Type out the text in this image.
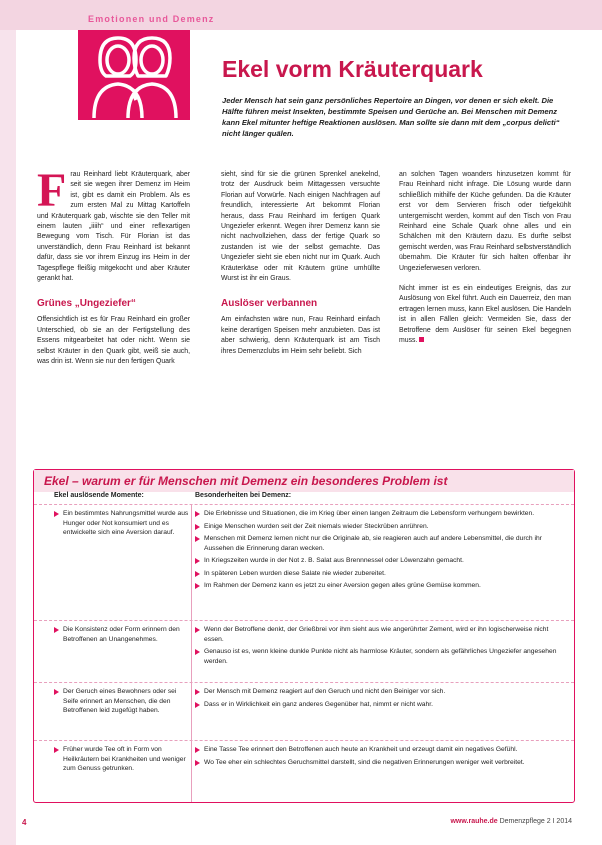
Emotionen und Demenz
Ekel vorm Kräuterquark
Jeder Mensch hat sein ganz persönliches Repertoire an Dingen, vor denen er sich ekelt. Die Hälfte führen meist Insekten, bestimmte Speisen und Gerüche an. Bei Menschen mit Demenz kann Ekel mitunter heftige Reaktionen auslösen. Man sollte sie dann mit dem „corpus delicti“ nicht länger quälen.
F rau Reinhard liebt Kräuterquark, aber seit sie wegen ihrer Demenz im Heim ist, gibt es damit ein Problem. Als es zum ersten Mal zu Mittag Kartoffeln und Kräuterquark gab, wischte sie den Teller mit einem lauten „iiiih“ und einer reflexartigen Bewegung vom Tisch. Für Florian ist das unverständlich, denn Frau Reinhard ist bekannt dafür, dass sie vor ihrem Einzug ins Heim in der Tagespflege fleißig mitgekocht und aber Kräuter gerankt hat.

Grünes „Ungeziefer“

Offensichtlich ist es für Frau Reinhard ein großer Unterschied, ob sie an der Fertigstellung des Essens mitgearbeitet hat oder nicht. Wenn sie selbst Kräuter in den Quark gibt, weiß sie auch, was drin ist. Wenn sie nur den fertigen Quark

sieht, sind für sie die grünen Sprenkel anekelnd, trotz der Ausdruck beim Mittagessen versuchte Florian auf Vorwürfe. Nach einigen Nachfragen auf freundlich, interessierte Art bekommt Florian heraus, dass Frau Reinhard im fertigen Quark Ungeziefer erkennt. Wegen ihrer Demenz kann sie nicht nachvollziehen, dass der fertige Quark so zustanden ist wie der selbst gemachte. Das Ungeziefer sieht sie eben nicht nur im Quark. Auch Kräuterkäse oder mit Kräutern grüne umhüllte Wurst ist ihr ein Graus.

Auslöser verbannen

Am einfachsten wäre nun, Frau Reinhard einfach keine derartigen Speisen mehr anzubieten. Das ist aber schwierig, denn Kräuterquark ist am Tisch ihres Demenzclubs im Heim sehr beliebt. Sich

an solchen Tagen woanders hinzusetzen kommt für Frau Reinhard nicht infrage. Die Lösung wurde dann schließlich mithilfe der Küche gefunden. Da die Kräuter erst vor dem Servieren frisch oder tiefgekühlt untergemischt werden, kommt auf den Tisch von Frau Reinhard eine Schale Quark ohne alles und ein Schälchen mit den Kräutern dazu. Es durfte selbst gemischt werden, was Frau Reinhard selbstverständlich übernahm. Die Kräuter für sich halten offenbar ihr Ungezieferwesen verloren.

Nicht immer ist es ein eindeutiges Ereignis, das zur Auslösung von Ekel führt. Auch ein Dauerreiz, den man ertragen lernen muss, kann Ekel auslösen. Die Handeln ist in allen Fällen gleich: Vermeiden Sie, dass der Betroffene dem Auslöser für seinen Ekel begegnen muss.

Ekel – warum er für Menschen mit Demenz ein besonderes Problem ist
Ekel auslösende Momente:	Besonderheiten bei Demenz:
Ein bestimmtes Nahrungsmittel wurde aus Hunger oder Not konsumiert und es entwickelte sich eine Aversion darauf.
Die Erlebnisse und Situationen, die im Krieg über einen langen Zeitraum die Lebensform verhungern bewirkten.
Einige Menschen wurden seit der Zeit niemals wieder Steckrüben anrühren.
Menschen mit Demenz lernen nicht nur die Originale ab, sie reagieren auch auf andere Lebensmittel, die durch ihr Aussehen die Erinnerung daran wecken.
In Kriegszeiten wurde in der Not z. B. Salat aus Brennnessel oder Löwenzahn gemacht.
In späteren Leben wurden diese Salate nie wieder zubereitet.
Im Rahmen der Demenz kann es jetzt zu einer Aversion gegen alles grüne Gemüse kommen.
Die Konsistenz oder Form erinnern den Betroffenen an Unangenehmes.
Wenn der Betroffene denkt, der Grießbrei vor ihm sieht aus wie angerührter Zement, wird er ihn logischerweise nicht essen.
Genauso ist es, wenn kleine dunkle Punkte nicht als harmlose Kräuter, sondern als gefährliches Ungeziefer angesehen werden.
Der Geruch eines Bewohners oder sei Seife erinnert an Menschen, die den Betroffenen leid zugefügt haben.
Der Mensch mit Demenz reagiert auf den Geruch und nicht den Beiniger vor sich.
Dass er in Wirklichkeit ein ganz anderes Gegenüber hat, nimmt er nicht wahr.
Früher wurde Tee oft in Form von Heilkräutern bei Krankheiten und weniger zum Genuss getrunken.
Eine Tasse Tee erinnert den Betroffenen auch heute an Krankheit und erzeugt damit ein negatives Gefühl.
Wo Tee eher ein schlechtes Geruchsmittel darstellt, sind die negativen Erinnerungen weniger weit verbreitet.
4	www.rauhe.de Demenzpflege 2 I 2014
